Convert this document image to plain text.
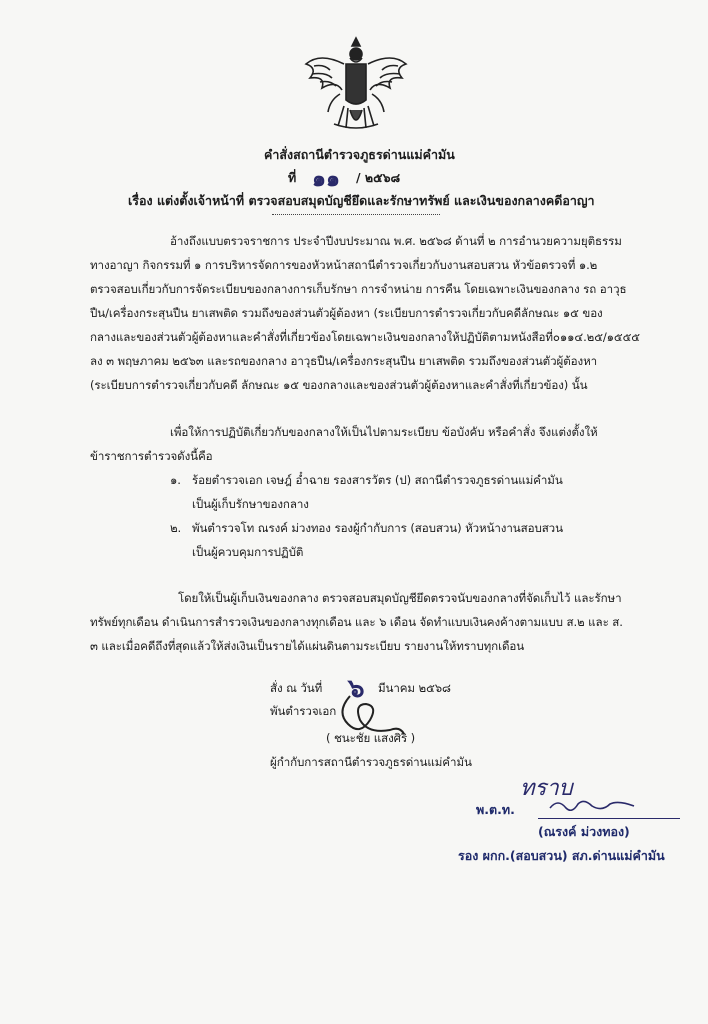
คำสั่งสถานีตำรวจภูธรด่านแม่คำมัน
ที่ ๑๑ / ๒๕๖๘
เรื่อง แต่งตั้งเจ้าหน้าที่ ตรวจสอบสมุดบัญชียึดและรักษาทรัพย์ และเงินของกลางคดีอาญา
อ้างถึงแบบตรวจราชการ ประจำปีงบประมาณ พ.ศ. ๒๕๖๘ ด้านที่ ๒ การอำนวยความยุติธรรม
ทางอาญา กิจกรรมที่ ๑ การบริหารจัดการของหัวหน้าสถานีตำรวจเกี่ยวกับงานสอบสวน หัวข้อตรวจที่ ๑.๒
ตรวจสอบเกี่ยวกับการจัดระเบียบของกลางการเก็บรักษา การจำหน่าย การคืน โดยเฉพาะเงินของกลาง รถ อาวุธ
ปืน/เครื่องกระสุนปืน ยาเสพติด รวมถึงของส่วนตัวผู้ต้องหา (ระเบียบการตำรวจเกี่ยวกับคดีลักษณะ ๑๕ ของ
กลางและของส่วนตัวผู้ต้องหาและคำสั่งที่เกี่ยวข้องโดยเฉพาะเงินของกลางให้ปฏิบัติตามหนังสือที่๐๑๑๔.๒๕/๑๕๕๕
ลง ๓ พฤษภาคม ๒๕๖๓ และรถของกลาง อาวุธปืน/เครื่องกระสุนปืน ยาเสพติด รวมถึงของส่วนตัวผู้ต้องหา
(ระเบียบการตำรวจเกี่ยวกับคดี ลักษณะ ๑๕ ของกลางและของส่วนตัวผู้ต้องหาและคำสั่งที่เกี่ยวข้อง) นั้น
เพื่อให้การปฏิบัติเกี่ยวกับของกลางให้เป็นไปตามระเบียบ ข้อบังคับ หรือคำสั่ง จึงแต่งตั้งให้
ข้าราชการตำรวจดังนี้คือ
๑. ร้อยตำรวจเอก เจษฎ์ อ๋ำฉาย รองสารวัตร (ป) สถานีตำรวจภูธรด่านแม่คำมัน
เป็นผู้เก็บรักษาของกลาง
๒. พันตำรวจโท ณรงค์ ม่วงทอง รองผู้กำกับการ (สอบสวน) หัวหน้างานสอบสวน
เป็นผู้ควบคุมการปฏิบัติ
โดยให้เป็นผู้เก็บเงินของกลาง ตรวจสอบสมุดบัญชียึดตรวจนับของกลางที่จัดเก็บไว้ และรักษา
ทรัพย์ทุกเดือน ดำเนินการสำรวจเงินของกลางทุกเดือน และ ๖ เดือน จัดทำแบบเงินคงค้างตามแบบ ส.๒ และ ส.
๓ และเมื่อคดีถึงที่สุดแล้วให้ส่งเงินเป็นรายได้แผ่นดินตามระเบียบ รายงานให้ทราบทุกเดือน
สั่ง ณ วันที่ ๖ มีนาคม ๒๕๖๘
พันตำรวจเอก
( ชนะชัย แสงศิริ )
ผู้กำกับการสถานีตำรวจภูธรด่านแม่คำมัน
ทราบ
พ.ต.ท.
(ณรงค์ ม่วงทอง)
รอง ผกก.(สอบสวน) สภ.ด่านแม่คำมัน
